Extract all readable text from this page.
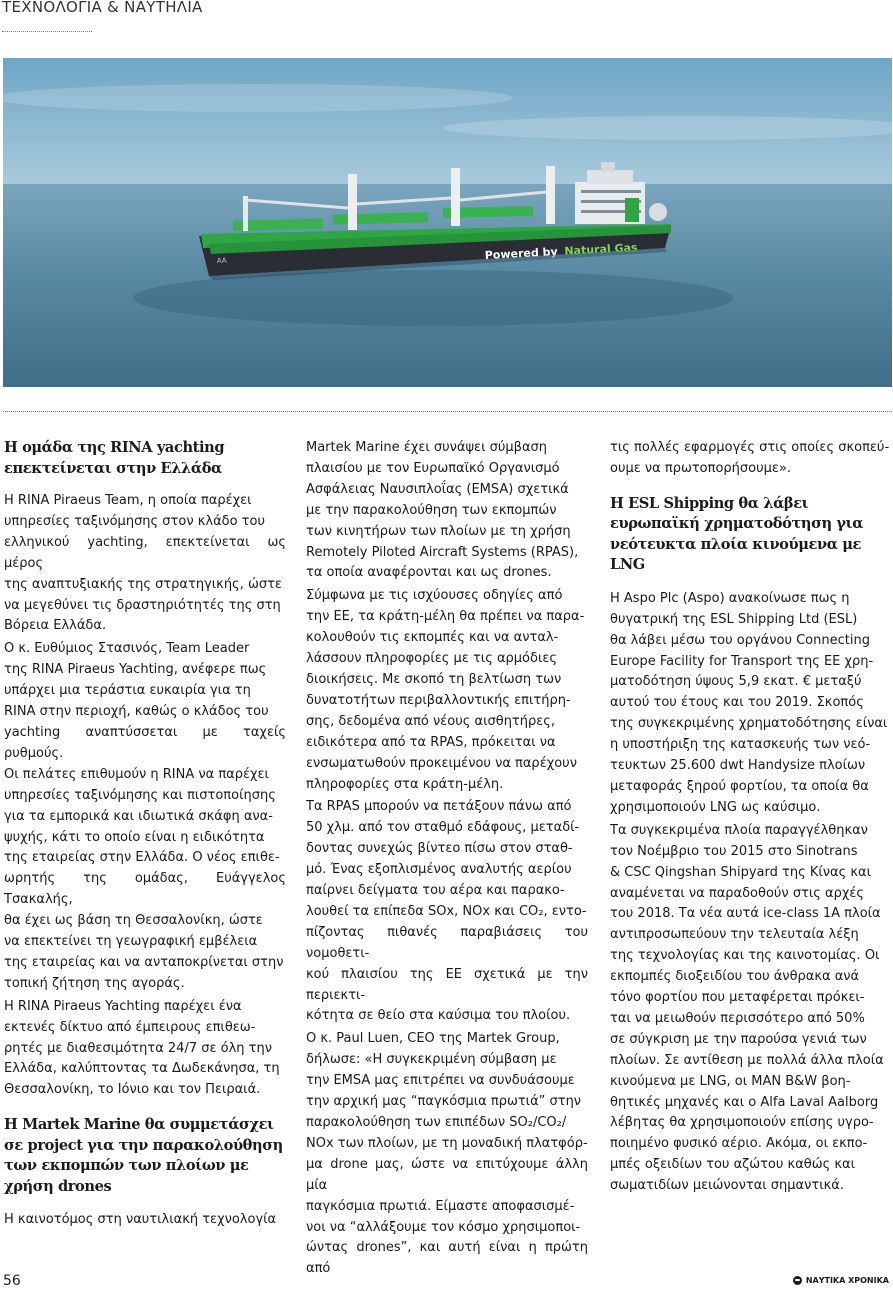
ΤΕΧΝΟΛΟΓΙΑ & ΝΑΥΤΗΛΙΑ
Powered by Natural Gas
AA
Η ομάδα της RINA yachting
επεκτείνεται στην Ελλάδα

Η RINA Piraeus Team, η οποία παρέχει
υπηρεσίες ταξινόμησης στον κλάδο του
ελληνικού yachting, επεκτείνεται ως μέρος
της αναπτυξιακής της στρατηγικής, ώστε
να μεγεθύνει τις δραστηριότητές της στη
Βόρεια Ελλάδα.

Ο κ. Ευθύμιος Στασινός, Team Leader
της RINA Piraeus Yachting, ανέφερε πως
υπάρχει μια τεράστια ευκαιρία για τη
RINA στην περιοχή, καθώς ο κλάδος του
yachting αναπτύσσεται με ταχείς ρυθμούς.
Οι πελάτες επιθυμούν η RINA να παρέχει
υπηρεσίες ταξινόμησης και πιστοποίησης
για τα εμπορικά και ιδιωτικά σκάφη ανα-
ψυχής, κάτι το οποίο είναι η ειδικότητα
της εταιρείας στην Ελλάδα. Ο νέος επιθε-
ωρητής της ομάδας, Ευάγγελος Τσακαλής,
θα έχει ως βάση τη Θεσσαλονίκη, ώστε
να επεκτείνει τη γεωγραφική εμβέλεια
της εταιρείας και να ανταποκρίνεται στην
τοπική ζήτηση της αγοράς.

Η RINA Piraeus Yachting παρέχει ένα
εκτενές δίκτυο από έμπειρους επιθεω-
ρητές με διαθεσιμότητα 24/7 σε όλη την
Ελλάδα, καλύπτοντας τα Δωδεκάνησα, τη
Θεσσαλονίκη, το Ιόνιο και τον Πειραιά.

Η Martek Marine θα συμμετάσχει
σε project για την παρακολούθηση
των εκπομπών των πλοίων με
χρήση drones

Η καινοτόμος στη ναυτιλιακή τεχνολογία

Martek Marine έχει συνάψει σύμβαση
πλαισίου με τον Ευρωπαϊκό Οργανισμό
Ασφάλειας Ναυσιπλοΐας (EMSA) σχετικά
με την παρακολούθηση των εκπομπών
των κινητήρων των πλοίων με τη χρήση
Remotely Piloted Aircraft Systems (RPAS),
τα οποία αναφέρονται και ως drones.

Σύμφωνα με τις ισχύουσες οδηγίες από
την ΕΕ, τα κράτη-μέλη θα πρέπει να παρα-
κολουθούν τις εκπομπές και να ανταλ-
λάσσουν πληροφορίες με τις αρμόδιες
διοικήσεις. Με σκοπό τη βελτίωση των
δυνατοτήτων περιβαλλοντικής επιτήρη-
σης, δεδομένα από νέους αισθητήρες,
ειδικότερα από τα RPAS, πρόκειται να
ενσωματωθούν προκειμένου να παρέχουν
πληροφορίες στα κράτη-μέλη.

Τα RPAS μπορούν να πετάξουν πάνω από
50 χλμ. από τον σταθμό εδάφους, μεταδί-
δοντας συνεχώς βίντεο πίσω στον σταθ-
μό. Ένας εξοπλισμένος αναλυτής αερίου
παίρνει δείγματα του αέρα και παρακο-
λουθεί τα επίπεδα SOx, NOx και CO₂, εντο-
πίζοντας πιθανές παραβιάσεις του νομοθετι-
κού πλαισίου της ΕΕ σχετικά με την περιεκτι-
κότητα σε θείο στα καύσιμα του πλοίου.

Ο κ. Paul Luen, CEO της Martek Group,
δήλωσε: «Η συγκεκριμένη σύμβαση με
την EMSA μας επιτρέπει να συνδυάσουμε
την αρχική μας “παγκόσμια πρωτιά” στην
παρακολούθηση των επιπέδων SO₂/CO₂/
NOx των πλοίων, με τη μοναδική πλατφόρ-
μα drone μας, ώστε να επιτύχουμε άλλη μία
παγκόσμια πρωτιά. Είμαστε αποφασισμέ-
νοι να “αλλάξουμε τον κόσμο χρησιμοποι-
ώντας drones”, και αυτή είναι η πρώτη από

τις πολλές εφαρμογές στις οποίες σκοπεύ-
ουμε να πρωτοπορήσουμε».

Η ESL Shipping θα λάβει
ευρωπαϊκή χρηματοδότηση για
νεότευκτα πλοία κινούμενα με LNG

Η Aspo Plc (Aspo) ανακοίνωσε πως η
θυγατρική της ESL Shipping Ltd (ESL)
θα λάβει μέσω του οργάνου Connecting
Europe Facility for Transport της ΕΕ χρη-
ματοδότηση ύψους 5,9 εκατ. € μεταξύ
αυτού του έτους και του 2019. Σκοπός
της συγκεκριμένης χρηματοδότησης είναι
η υποστήριξη της κατασκευής των νεό-
τευκτων 25.600 dwt Handysize πλοίων
μεταφοράς ξηρού φορτίου, τα οποία θα
χρησιμοποιούν LNG ως καύσιμο.

Τα συγκεκριμένα πλοία παραγγέλθηκαν
τον Νοέμβριο του 2015 στο Sinotrans
& CSC Qingshan Shipyard της Κίνας και
αναμένεται να παραδοθούν στις αρχές
του 2018. Τα νέα αυτά ice-class 1A πλοία
αντιπροσωπεύουν την τελευταία λέξη
της τεχνολογίας και της καινοτομίας. Οι
εκπομπές διοξειδίου του άνθρακα ανά
τόνο φορτίου που μεταφέρεται πρόκει-
ται να μειωθούν περισσότερο από 50%
σε σύγκριση με την παρούσα γενιά των
πλοίων. Σε αντίθεση με πολλά άλλα πλοία
κινούμενα με LNG, οι MAN B&W βοη-
θητικές μηχανές και ο Alfa Laval Aalborg
λέβητας θα χρησιμοποιούν επίσης υγρο-
ποιημένο φυσικό αέριο. Ακόμα, οι εκπο-
μπές οξειδίων του αζώτου καθώς και
σωματιδίων μειώνονται σημαντικά.

56	ΝΑΥΤΙΚΑ ΧΡΟΝΙΚΑ
